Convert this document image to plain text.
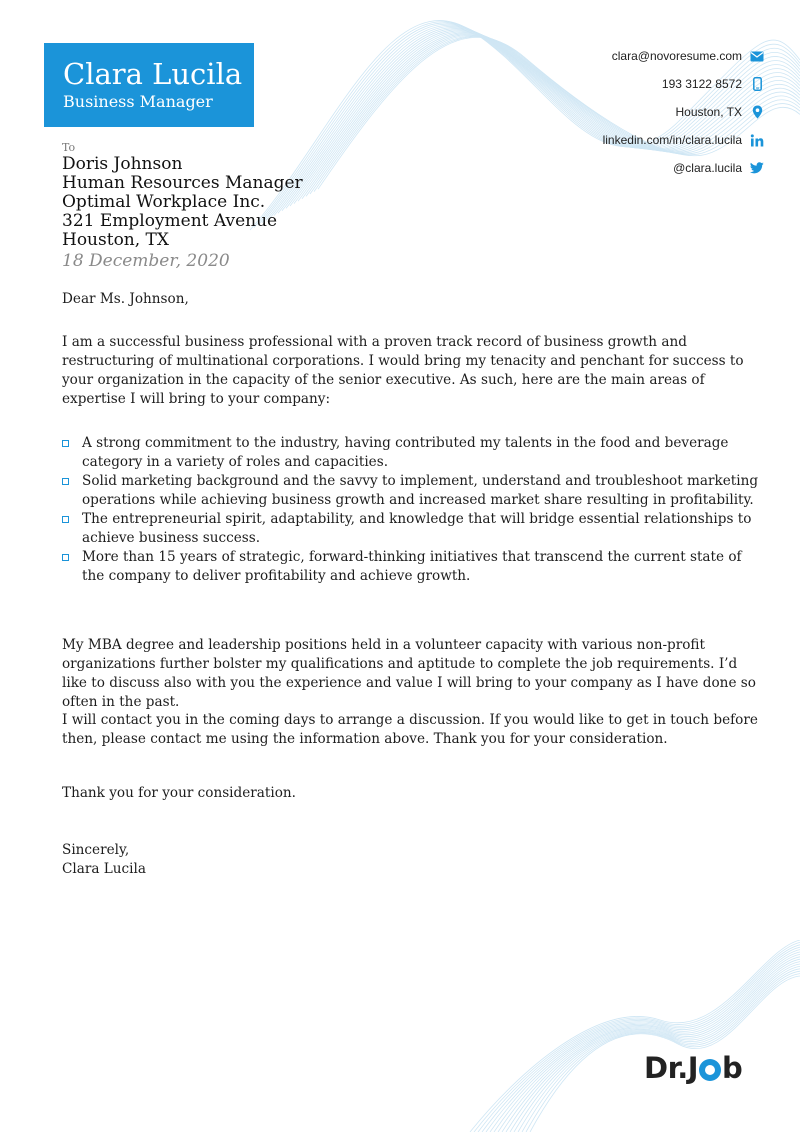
Clara Lucila
Business Manager
clara@novoresume.com
193 3122 8572
Houston, TX
linkedin.com/in/clara.lucila
@clara.lucila
To
Doris Johnson
Human Resources Manager
Optimal Workplace Inc.
321 Employment Avenue
Houston, TX
18 December, 2020
Dear Ms. Johnson,
I am a successful business professional with a proven track record of business growth and restructuring of multinational corporations. I would bring my tenacity and penchant for success to your organization in the capacity of the senior executive. As such, here are the main areas of expertise I will bring to your company:
A strong commitment to the industry, having contributed my talents in the food and beverage category in a variety of roles and capacities.
Solid marketing background and the savvy to implement, understand and troubleshoot marketing operations while achieving business growth and increased market share resulting in profitability.
The entrepreneurial spirit, adaptability, and knowledge that will bridge essential relationships to achieve business success.
More than 15 years of strategic, forward-thinking initiatives that transcend the current state of the company to deliver profitability and achieve growth.
My MBA degree and leadership positions held in a volunteer capacity with various non-profit organizations further bolster my qualifications and aptitude to complete the job requirements. I’d like to discuss also with you the experience and value I will bring to your company as I have done so often in the past.
I will contact you in the coming days to arrange a discussion. If you would like to get in touch before then, please contact me using the information above. Thank you for your consideration.
Thank you for your consideration.
Sincerely,
Clara Lucila
Dr.J b
